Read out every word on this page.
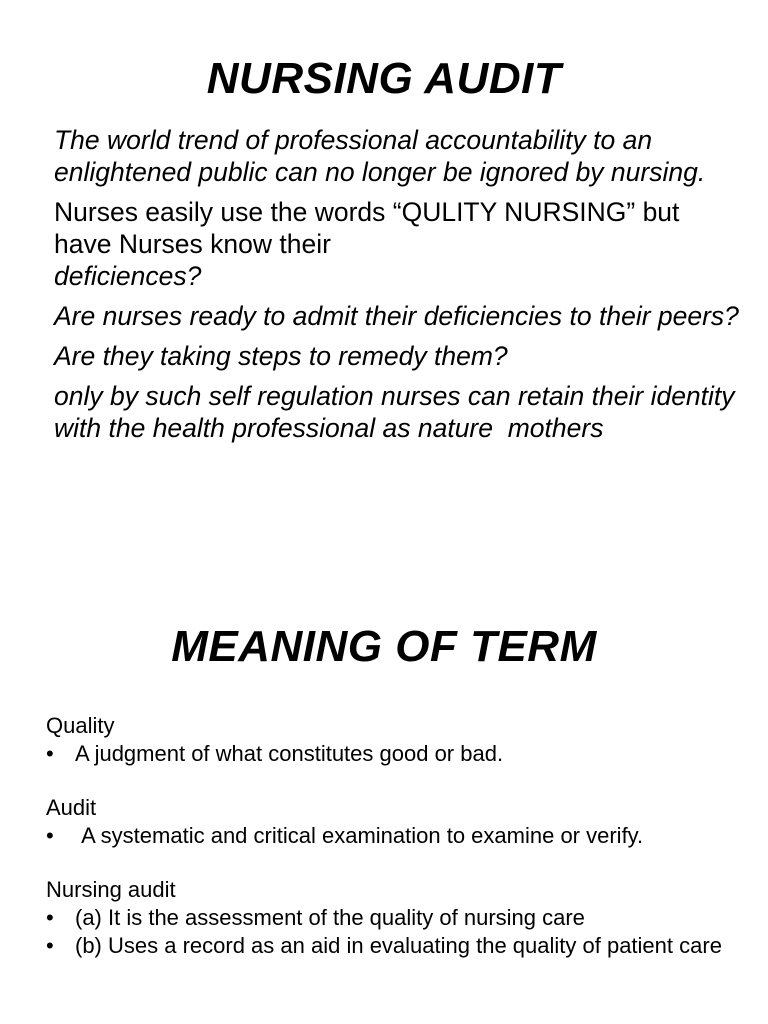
NURSING AUDIT

The world trend of professional accountability to an enlightened public can no longer be ignored by nursing.

Nurses easily use the words “QULITY NURSING” but have Nurses know their
deficiences?

Are nurses ready to admit their deficiencies to their peers?

Are they taking steps to remedy them?

only by such self regulation nurses can retain their identity with the health professional as nature  mothers

MEANING OF TERM
Quality
• A judgment of what constitutes good or bad.
Audit
• A systematic and critical examination to examine or verify.
Nursing audit
• (a) It is the assessment of the quality of nursing care
• (b) Uses a record as an aid in evaluating the quality of patient care
